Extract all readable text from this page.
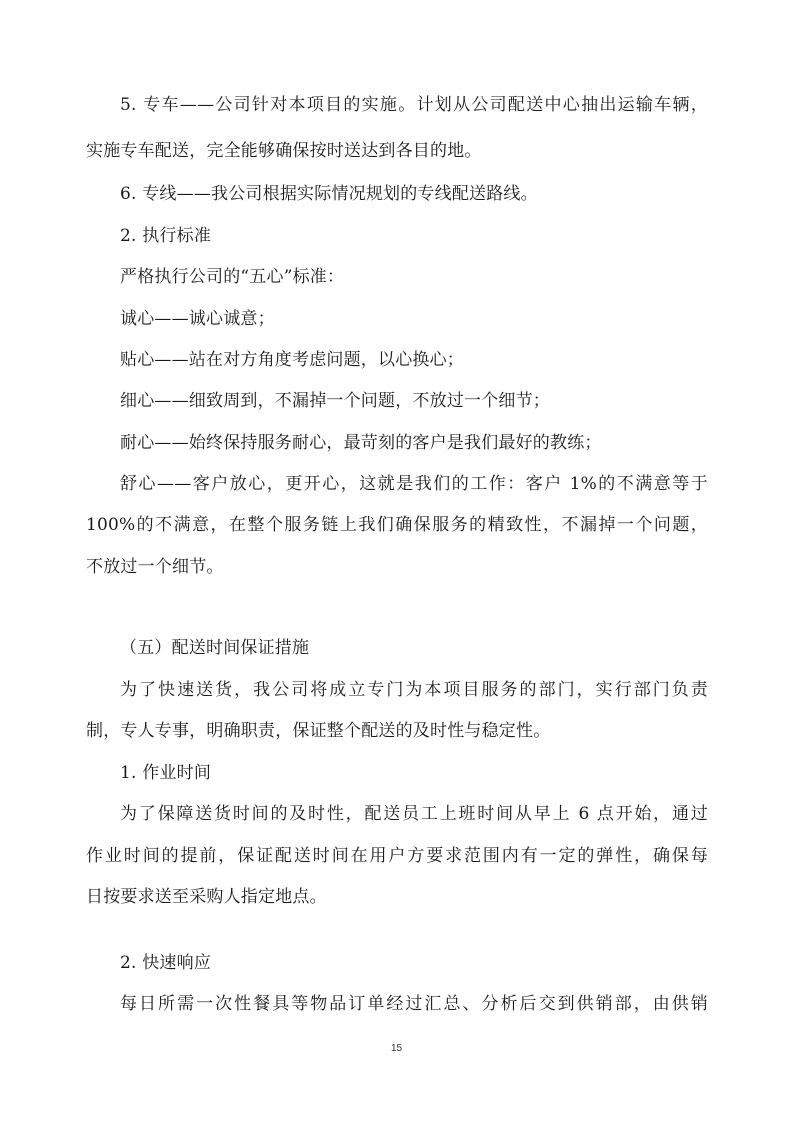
5. 专车——公司针对本项目的实施。计划从公司配送中心抽出运输车辆，
实施专车配送，完全能够确保按时送达到各目的地。
6. 专线——我公司根据实际情况规划的专线配送路线。
2. 执行标准
严格执行公司的“五心”标准：
诚心——诚心诚意；
贴心——站在对方角度考虑问题，以心换心；
细心——细致周到，不漏掉一个问题，不放过一个细节；
耐心——始终保持服务耐心，最苛刻的客户是我们最好的教练；
舒心——客户放心，更开心，这就是我们的工作：客户 1%的不满意等于
100%的不满意，在整个服务链上我们确保服务的精致性，不漏掉一个问题，
不放过一个细节。
（五）配送时间保证措施
为了快速送货，我公司将成立专门为本项目服务的部门，实行部门负责
制，专人专事，明确职责，保证整个配送的及时性与稳定性。
1. 作业时间
为了保障送货时间的及时性，配送员工上班时间从早上 6 点开始，通过
作业时间的提前，保证配送时间在用户方要求范围内有一定的弹性，确保每
日按要求送至采购人指定地点。
2. 快速响应
每日所需一次性餐具等物品订单经过汇总、分析后交到供销部，由供销
15
